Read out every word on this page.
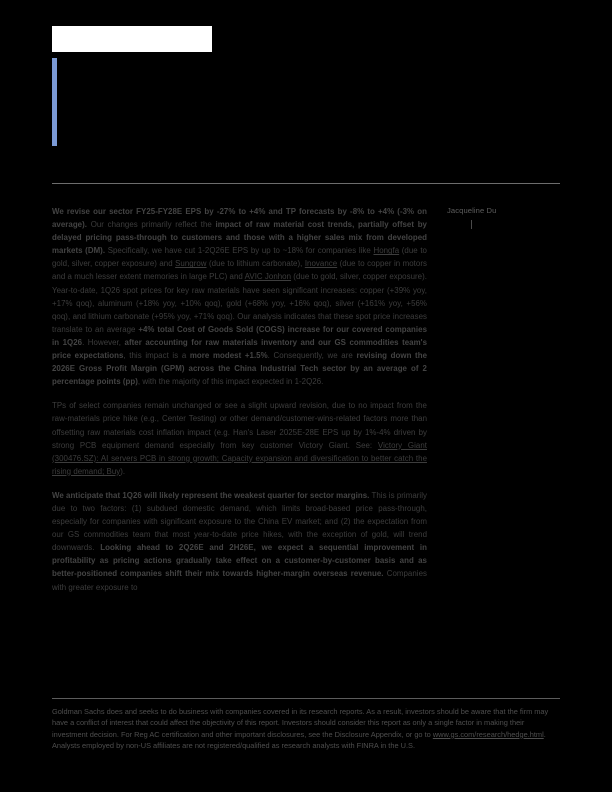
Jacqueline Du

We revise our sector FY25-FY28E EPS by -27% to +4% and TP forecasts by -8% to +4% (-3% on average). Our changes primarily reflect the impact of raw material cost trends, partially offset by delayed pricing pass-through to customers and those with a higher sales mix from developed markets (DM). Specifically, we have cut 1-2Q26E EPS by up to ~18% for companies like Hongfa (due to gold, silver, copper exposure) and Sungrow (due to lithium carbonate), Inovance (due to copper in motors and a much lesser extent memories in large PLC) and AVIC Jonhon (due to gold, silver, copper exposure). Year-to-date, 1Q26 spot prices for key raw materials have seen significant increases: copper (+39% yoy, +17% qoq), aluminum (+18% yoy, +10% qoq), gold (+68% yoy, +16% qoq), silver (+161% yoy, +56% qoq), and lithium carbonate (+95% yoy, +71% qoq). Our analysis indicates that these spot price increases translate to an average +4% total Cost of Goods Sold (COGS) increase for our covered companies in 1Q26. However, after accounting for raw materials inventory and our GS commodities team's price expectations, this impact is a more modest +1.5%. Consequently, we are revising down the 2026E Gross Profit Margin (GPM) across the China Industrial Tech sector by an average of 2 percentage points (pp), with the majority of this impact expected in 1-2Q26.

TPs of select companies remain unchanged or see a slight upward revision, due to no impact from the raw-materials price hike (e.g., Center Testing) or other demand/customer-wins-related factors more than offsetting raw materials cost inflation impact (e.g. Han's Laser 2025E-28E EPS up by 1%-4% driven by strong PCB equipment demand especially from key customer Victory Giant. See: Victory Giant (300476.SZ): AI servers PCB in strong growth; Capacity expansion and diversification to better catch the rising demand; Buy).

We anticipate that 1Q26 will likely represent the weakest quarter for sector margins. This is primarily due to two factors: (1) subdued domestic demand, which limits broad-based price pass-through, especially for companies with significant exposure to the China EV market; and (2) the expectation from our GS commodities team that most year-to-date price hikes, with the exception of gold, will trend downwards. Looking ahead to 2Q26E and 2H26E, we expect a sequential improvement in profitability as pricing actions gradually take effect on a customer-by-customer basis and as better-positioned companies shift their mix towards higher-margin overseas revenue. Companies with greater exposure to

Goldman Sachs does and seeks to do business with companies covered in its research reports. As a result, investors should be aware that the firm may have a conflict of interest that could affect the objectivity of this report. Investors should consider this report as only a single factor in making their investment decision. For Reg AC certification and other important disclosures, see the Disclosure Appendix, or go to www.gs.com/research/hedge.html. Analysts employed by non-US affiliates are not registered/qualified as research analysts with FINRA in the U.S.
